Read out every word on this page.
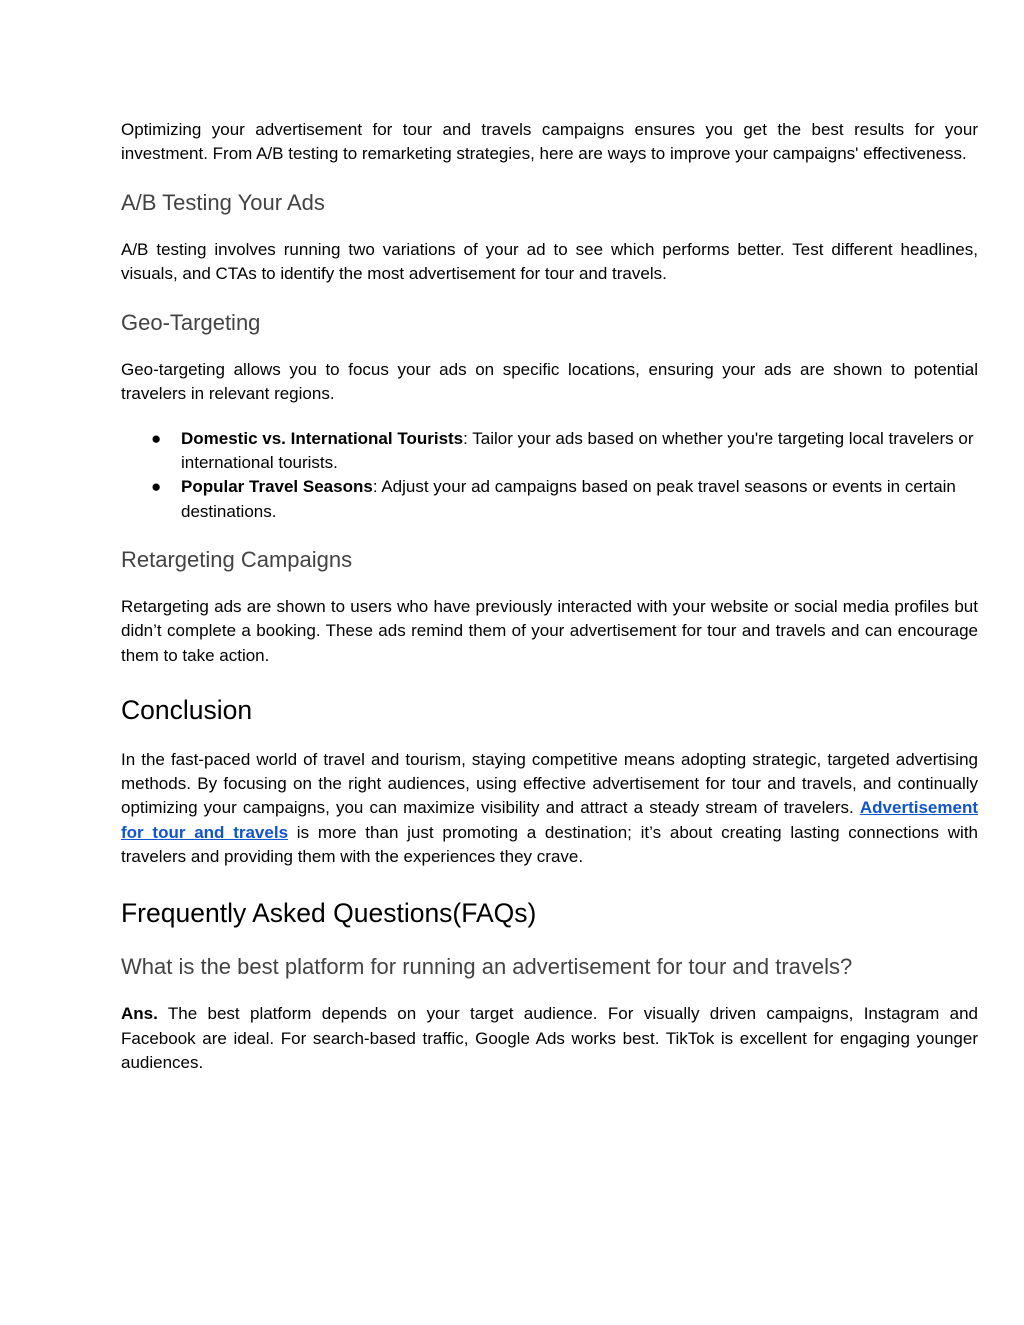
Optimizing your advertisement for tour and travels campaigns ensures you get the best results for your investment. From A/B testing to remarketing strategies, here are ways to improve your campaigns' effectiveness.

A/B Testing Your Ads

A/B testing involves running two variations of your ad to see which performs better. Test different headlines, visuals, and CTAs to identify the most advertisement for tour and travels.

Geo-Targeting

Geo-targeting allows you to focus your ads on specific locations, ensuring your ads are shown to potential travelers in relevant regions.

● Domestic vs. International Tourists: Tailor your ads based on whether you're targeting local travelers or international tourists.
● Popular Travel Seasons: Adjust your ad campaigns based on peak travel seasons or events in certain destinations.
Retargeting Campaigns

Retargeting ads are shown to users who have previously interacted with your website or social media profiles but didn’t complete a booking. These ads remind them of your advertisement for tour and travels and can encourage them to take action.

Conclusion

In the fast-paced world of travel and tourism, staying competitive means adopting strategic, targeted advertising methods. By focusing on the right audiences, using effective advertisement for tour and travels, and continually optimizing your campaigns, you can maximize visibility and attract a steady stream of travelers. Advertisement for tour and travels is more than just promoting a destination; it’s about creating lasting connections with travelers and providing them with the experiences they crave.

Frequently Asked Questions(FAQs)
What is the best platform for running an advertisement for tour and travels?

Ans. The best platform depends on your target audience. For visually driven campaigns, Instagram and Facebook are ideal. For search-based traffic, Google Ads works best. TikTok is excellent for engaging younger audiences.
